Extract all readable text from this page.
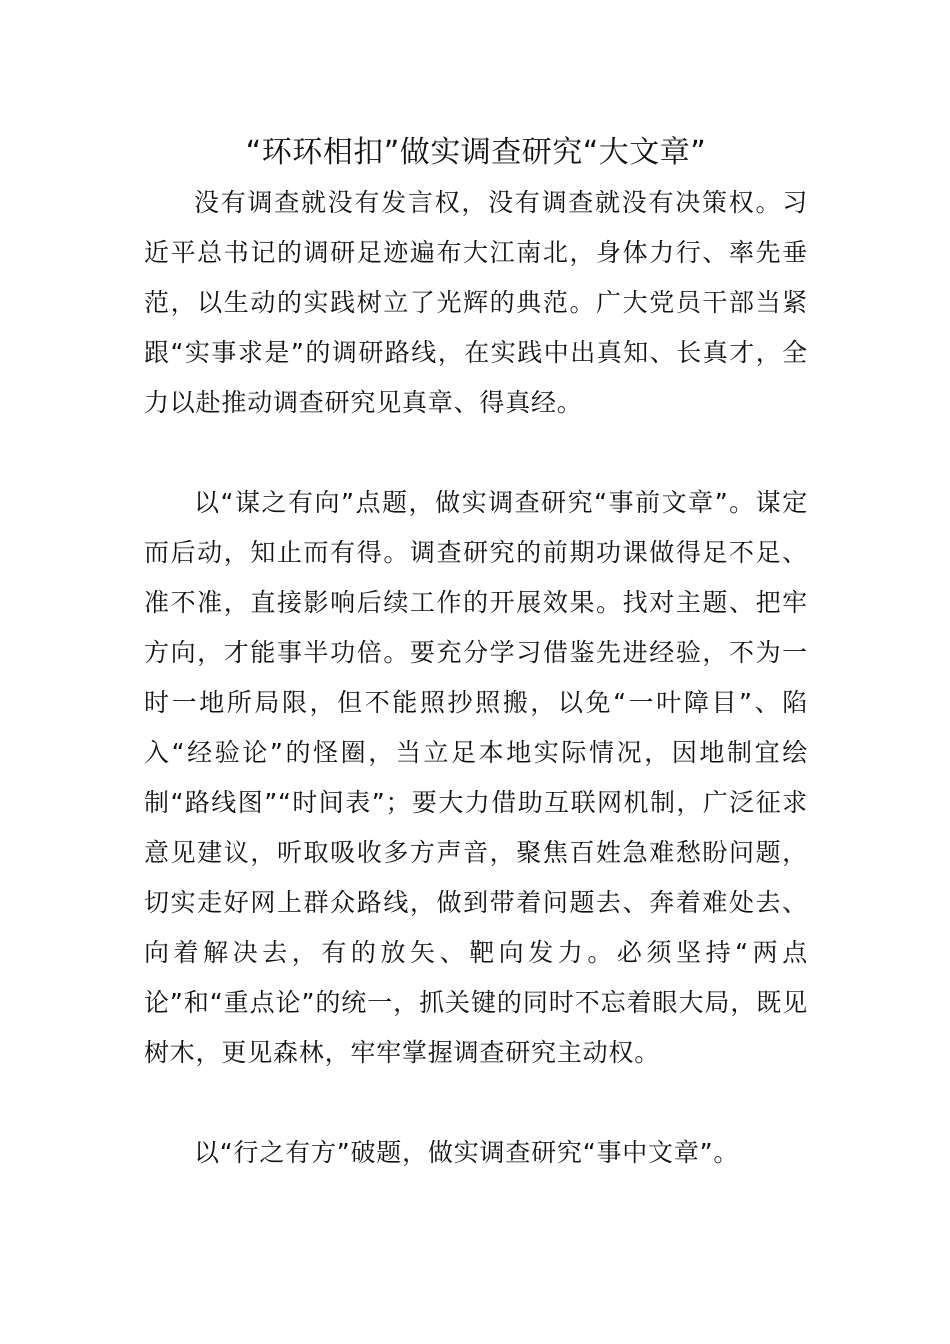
“环环相扣”做实调查研究“大文章”

没有调查就没有发言权，没有调查就没有决策权。习近平总书记的调研足迹遍布大江南北，身体力行、率先垂范，以生动的实践树立了光辉的典范。广大党员干部当紧跟“实事求是”的调研路线，在实践中出真知、长真才，全力以赴推动调查研究见真章、得真经。

以“谋之有向”点题，做实调查研究“事前文章”。谋定而后动，知止而有得。调查研究的前期功课做得足不足、准不准，直接影响后续工作的开展效果。找对主题、把牢方向，才能事半功倍。要充分学习借鉴先进经验，不为一时一地所局限，但不能照抄照搬，以免“一叶障目”、陷入“经验论”的怪圈，当立足本地实际情况，因地制宜绘制“路线图”“时间表”；要大力借助互联网机制，广泛征求意见建议，听取吸收多方声音，聚焦百姓急难愁盼问题，切实走好网上群众路线，做到带着问题去、奔着难处去、向着解决去，有的放矢、靶向发力。必须坚持“两点论”和“重点论”的统一，抓关键的同时不忘着眼大局，既见树木，更见森林，牢牢掌握调查研究主动权。

以“行之有方”破题，做实调查研究“事中文章”。
